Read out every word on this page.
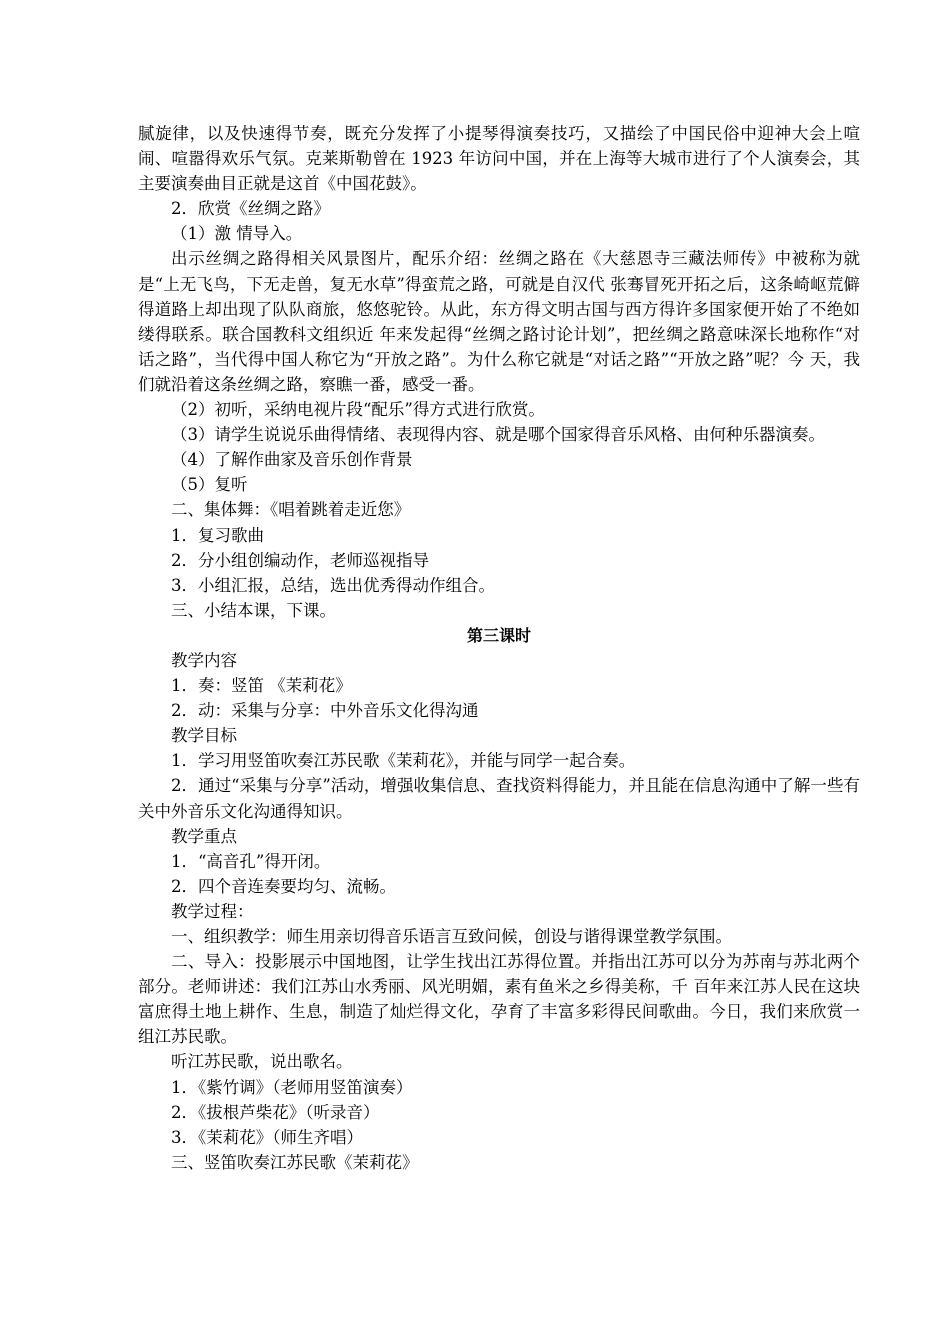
腻旋律，以及快速得节奏，既充分发挥了小提琴得演奏技巧，又描绘了中国民俗中迎神大会上喧闹、喧嚣得欢乐气氛。克莱斯勒曾在 1923 年访问中国，并在上海等大城市进行了个人演奏会，其主要演奏曲目正就是这首《中国花鼓》。

2．欣赏《丝绸之路》

（1）激 情导入。

出示丝绸之路得相关风景图片，配乐介绍：丝绸之路在《大慈恩寺三藏法师传》中被称为就是“上无飞鸟，下无走兽，复无水草”得蛮荒之路，可就是自汉代 张骞冒死开拓之后，这条崎岖荒僻得道路上却出现了队队商旅，悠悠驼铃。从此，东方得文明古国与西方得许多国家便开始了不绝如缕得联系。联合国教科文组织近 年来发起得“丝绸之路讨论计划”，把丝绸之路意味深长地称作“对话之路”，当代得中国人称它为“开放之路”。为什么称它就是“对话之路”“开放之路”呢？今 天，我们就沿着这条丝绸之路，察瞧一番，感受一番。

（2）初听，采纳电视片段“配乐”得方式进行欣赏。

（3）请学生说说乐曲得情绪、表现得内容、就是哪个国家得音乐风格、由何种乐器演奏。

（4）了解作曲家及音乐创作背景

（5）复听

二、集体舞：《唱着跳着走近您》

1．复习歌曲

2．分小组创编动作，老师巡视指导

3．小组汇报，总结，选出优秀得动作组合。

三、小结本课，下课。

第三课时

教学内容

1．奏：竖笛 《茉莉花》

2．动：采集与分享：中外音乐文化得沟通

教学目标

1．学习用竖笛吹奏江苏民歌《茉莉花》，并能与同学一起合奏。

2．通过“采集与分享”活动，增强收集信息、查找资料得能力，并且能在信息沟通中了解一些有关中外音乐文化沟通得知识。

教学重点

1．“高音孔”得开闭。

2．四个音连奏要均匀、流畅。

教学过程：

一、组织教学：师生用亲切得音乐语言互致问候，创设与谐得课堂教学氛围。

二、导入：投影展示中国地图，让学生找出江苏得位置。并指出江苏可以分为苏南与苏北两个部分。老师讲述：我们江苏山水秀丽、风光明媚，素有鱼米之乡得美称，千 百年来江苏人民在这块富庶得土地上耕作、生息，制造了灿烂得文化，孕育了丰富多彩得民间歌曲。今日，我们来欣赏一组江苏民歌。

听江苏民歌，说出歌名。

1．《紫竹调》（老师用竖笛演奏）

2．《拔根芦柴花》（听录音）

3．《茉莉花》（师生齐唱）

三、竖笛吹奏江苏民歌《茉莉花》
